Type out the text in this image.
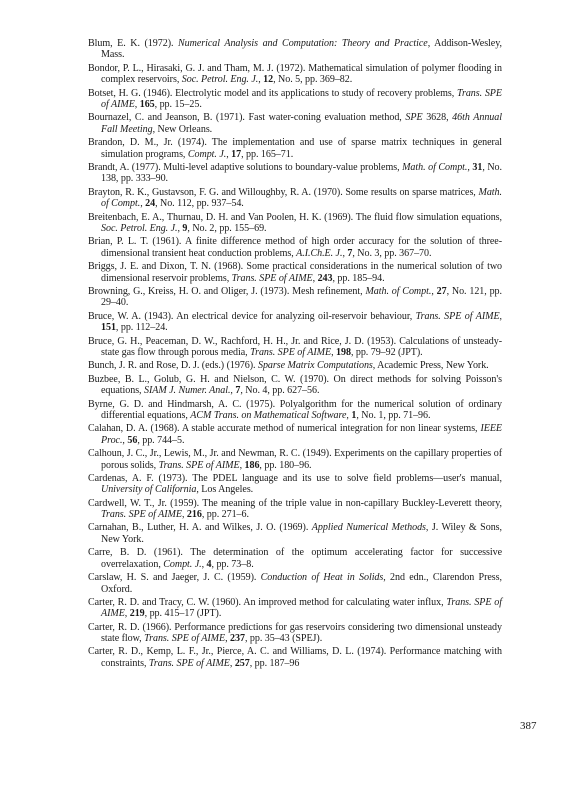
Blum, E. K. (1972). Numerical Analysis and Computation: Theory and Practice, Addison-Wesley, Mass.
Bondor, P. L., Hirasaki, G. J. and Tham, M. J. (1972). Mathematical simulation of polymer flooding in complex reservoirs, Soc. Petrol. Eng. J., 12, No. 5, pp. 369–82.
Botset, H. G. (1946). Electrolytic model and its applications to study of recovery problems, Trans. SPE of AIME, 165, pp. 15–25.
Bournazel, C. and Jeanson, B. (1971). Fast water-coning evaluation method, SPE 3628, 46th Annual Fall Meeting, New Orleans.
Brandon, D. M., Jr. (1974). The implementation and use of sparse matrix techniques in general simulation programs, Compt. J., 17, pp. 165–71.
Brandt, A. (1977). Multi-level adaptive solutions to boundary-value problems, Math. of Compt., 31, No. 138, pp. 333–90.
Brayton, R. K., Gustavson, F. G. and Willoughby, R. A. (1970). Some results on sparse matrices, Math. of Compt., 24, No. 112, pp. 937–54.
Breitenbach, E. A., Thurnau, D. H. and Van Poolen, H. K. (1969). The fluid flow simulation equations, Soc. Petrol. Eng. J., 9, No. 2, pp. 155–69.
Brian, P. L. T. (1961). A finite difference method of high order accuracy for the solution of three-dimensional transient heat conduction problems, A.I.Ch.E. J., 7, No. 3, pp. 367–70.
Briggs, J. E. and Dixon, T. N. (1968). Some practical considerations in the numerical solution of two dimensional reservoir problems, Trans. SPE of AIME, 243, pp. 185–94.
Browning, G., Kreiss, H. O. and Oliger, J. (1973). Mesh refinement, Math. of Compt., 27, No. 121, pp. 29–40.
Bruce, W. A. (1943). An electrical device for analyzing oil-reservoir behaviour, Trans. SPE of AIME, 151, pp. 112–24.
Bruce, G. H., Peaceman, D. W., Rachford, H. H., Jr. and Rice, J. D. (1953). Calculations of unsteady-state gas flow through porous media, Trans. SPE of AIME, 198, pp. 79–92 (JPT).
Bunch, J. R. and Rose, D. J. (eds.) (1976). Sparse Matrix Computations, Academic Press, New York.
Buzbee, B. L., Golub, G. H. and Nielson, C. W. (1970). On direct methods for solving Poisson's equations, SIAM J. Numer. Anal., 7, No. 4, pp. 627–56.
Byrne, G. D. and Hindmarsh, A. C. (1975). Polyalgorithm for the numerical solution of ordinary differential equations, ACM Trans. on Mathematical Software, 1, No. 1, pp. 71–96.
Calahan, D. A. (1968). A stable accurate method of numerical integration for non linear systems, IEEE Proc., 56, pp. 744–5.
Calhoun, J. C., Jr., Lewis, M., Jr. and Newman, R. C. (1949). Experiments on the capillary properties of porous solids, Trans. SPE of AIME, 186, pp. 180–96.
Cardenas, A. F. (1973). The PDEL language and its use to solve field problems—user's manual, University of California, Los Angeles.
Cardwell, W. T., Jr. (1959). The meaning of the triple value in non-capillary Buckley-Leverett theory, Trans. SPE of AIME, 216, pp. 271–6.
Carnahan, B., Luther, H. A. and Wilkes, J. O. (1969). Applied Numerical Methods, J. Wiley & Sons, New York.
Carre, B. D. (1961). The determination of the optimum accelerating factor for successive overrelaxation, Compt. J., 4, pp. 73–8.
Carslaw, H. S. and Jaeger, J. C. (1959). Conduction of Heat in Solids, 2nd edn., Clarendon Press, Oxford.
Carter, R. D. and Tracy, C. W. (1960). An improved method for calculating water influx, Trans. SPE of AIME, 219, pp. 415–17 (JPT).
Carter, R. D. (1966). Performance predictions for gas reservoirs considering two dimensional unsteady state flow, Trans. SPE of AIME, 237, pp. 35–43 (SPEJ).
Carter, R. D., Kemp, L. F., Jr., Pierce, A. C. and Williams, D. L. (1974). Performance matching with constraints, Trans. SPE of AIME, 257, pp. 187–96
387
